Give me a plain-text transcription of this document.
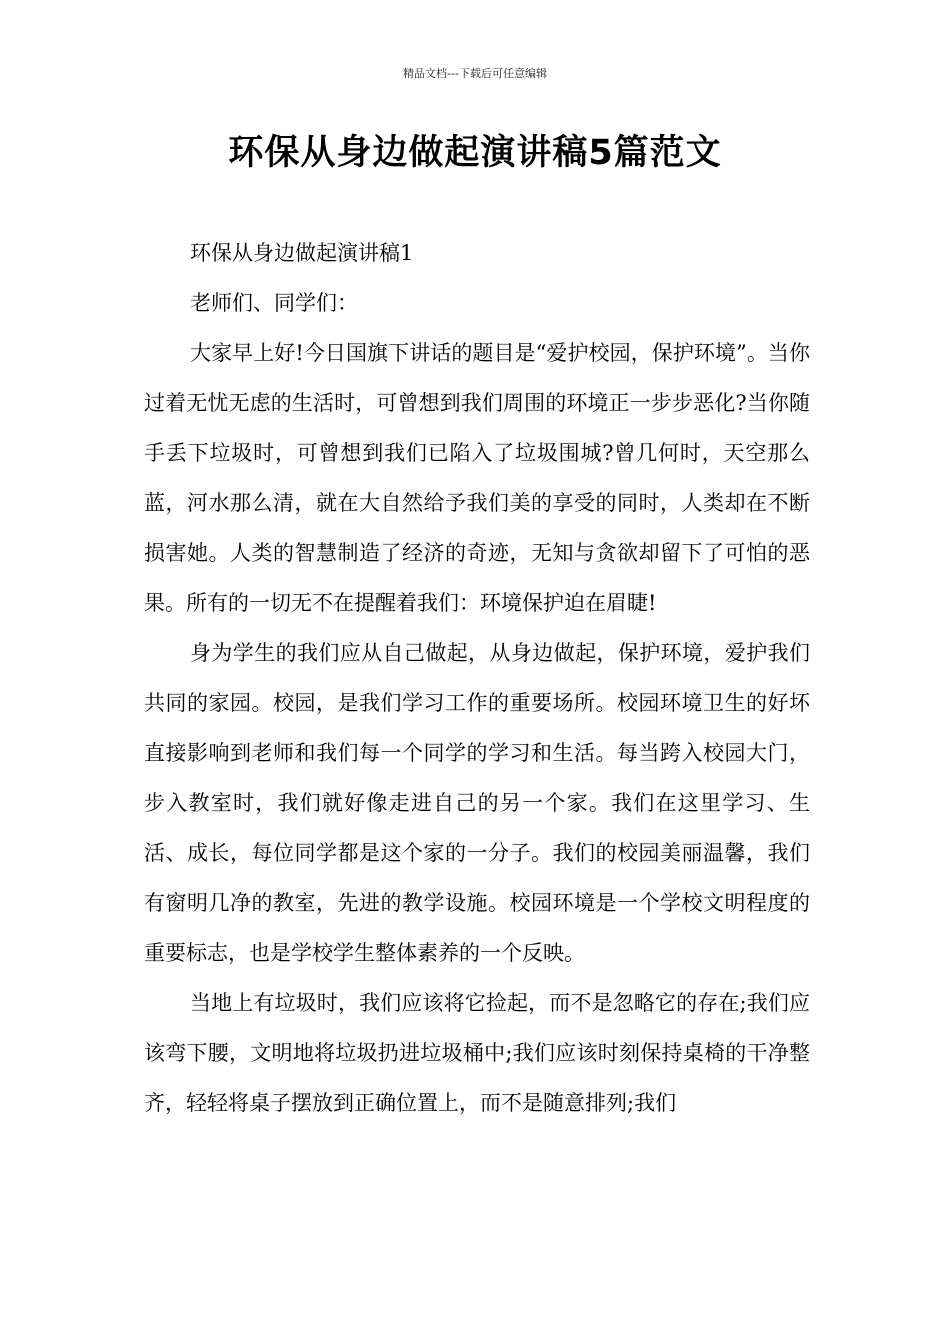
精品文档---下载后可任意编辑
环保从身边做起演讲稿5篇范文

环保从身边做起演讲稿1

老师们、同学们：

大家早上好!今日国旗下讲话的题目是“爱护校园，保护环境”。当你过着无忧无虑的生活时，可曾想到我们周围的环境正一步步恶化?当你随手丢下垃圾时，可曾想到我们已陷入了垃圾围城?曾几何时，天空那么蓝，河水那么清，就在大自然给予我们美的享受的同时，人类却在不断损害她。人类的智慧制造了经济的奇迹，无知与贪欲却留下了可怕的恶果。所有的一切无不在提醒着我们：环境保护迫在眉睫!

身为学生的我们应从自己做起，从身边做起，保护环境，爱护我们共同的家园。校园，是我们学习工作的重要场所。校园环境卫生的好坏直接影响到老师和我们每一个同学的学习和生活。每当跨入校园大门，步入教室时，我们就好像走进自己的另一个家。我们在这里学习、生活、成长，每位同学都是这个家的一分子。我们的校园美丽温馨，我们有窗明几净的教室，先进的教学设施。校园环境是一个学校文明程度的重要标志，也是学校学生整体素养的一个反映。

当地上有垃圾时，我们应该将它捡起，而不是忽略它的存在;我们应该弯下腰，文明地将垃圾扔进垃圾桶中;我们应该时刻保持桌椅的干净整齐，轻轻将桌子摆放到正确位置上，而不是随意排列;我们
